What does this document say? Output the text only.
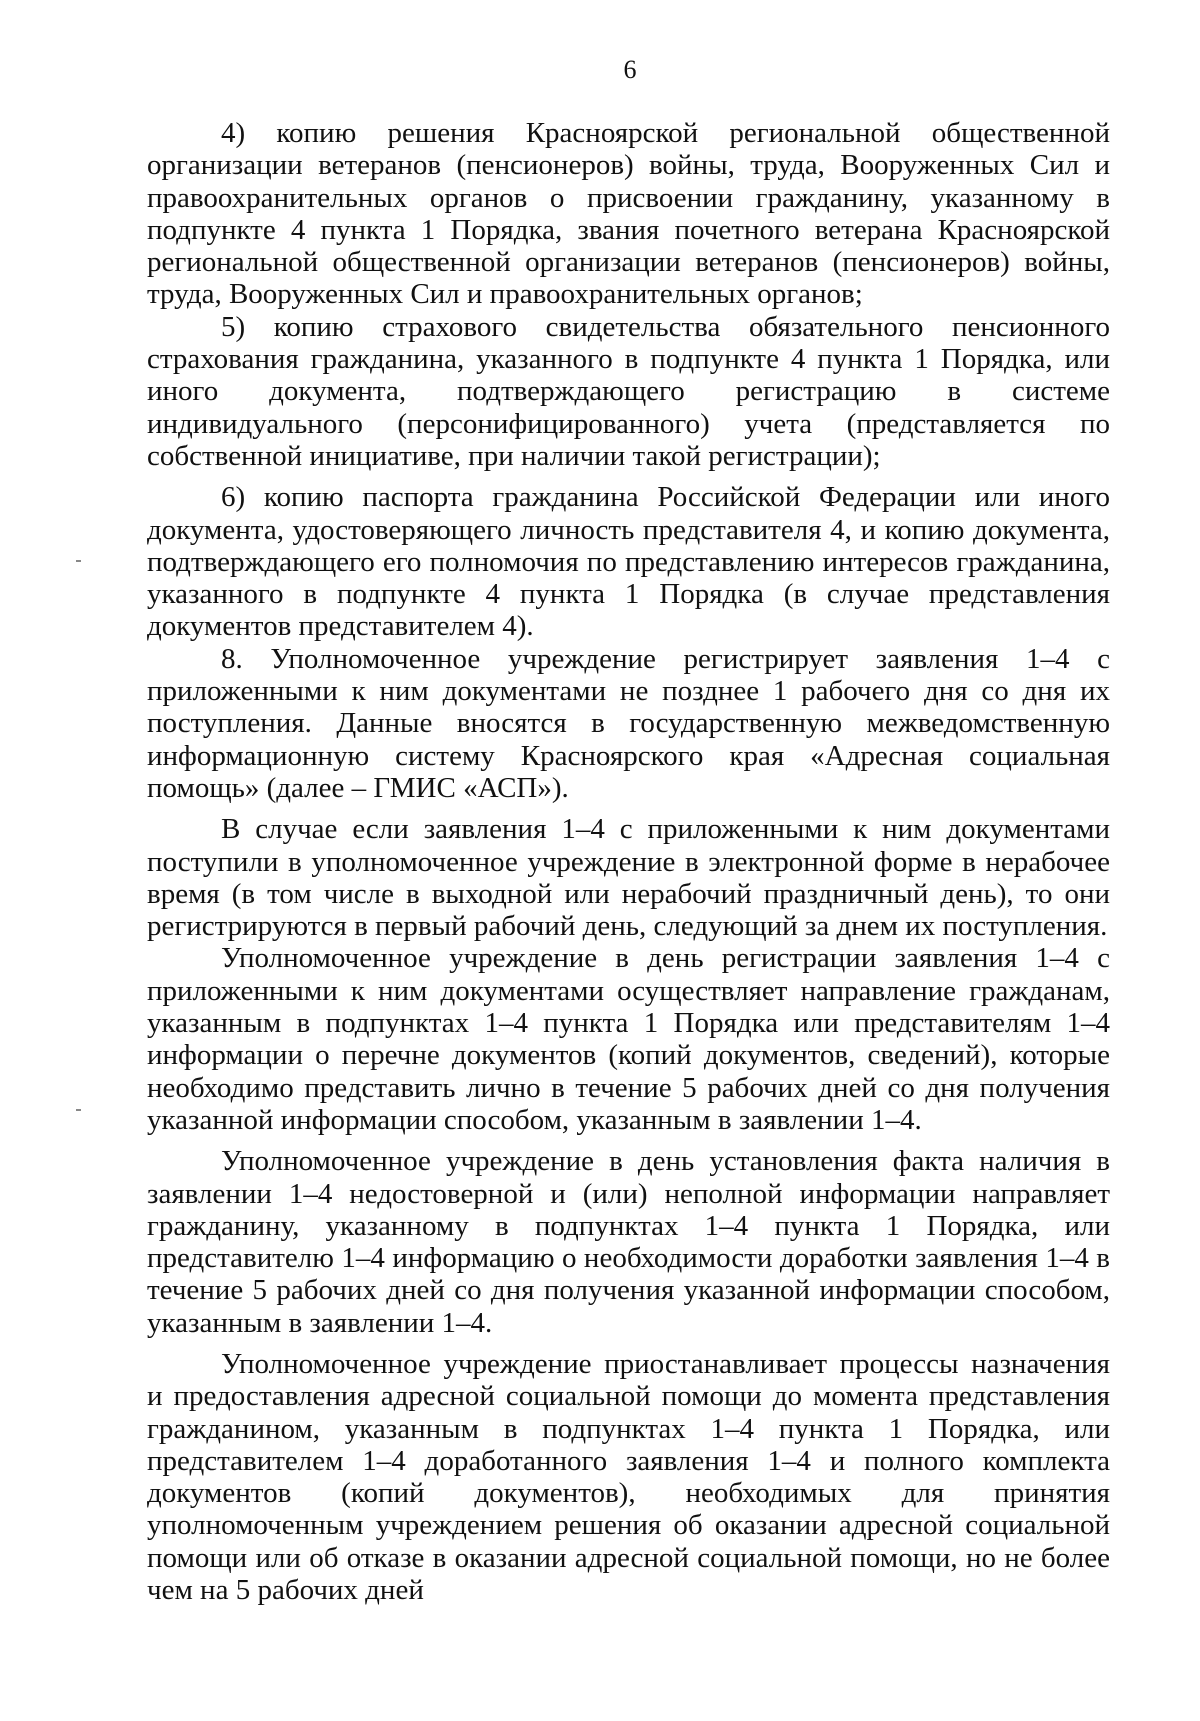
6

4) копию решения Красноярской региональной общественной организации ветеранов (пенсионеров) войны, труда, Вооруженных Сил и правоохранительных органов о присвоении гражданину, указанному в подпункте 4 пункта 1 Порядка, звания почетного ветерана Красноярской региональной общественной организации ветеранов (пенсионеров) войны, труда, Вооруженных Сил и правоохранительных органов;

5) копию страхового свидетельства обязательного пенсионного страхования гражданина, указанного в подпункте 4 пункта 1 Порядка, или иного документа, подтверждающего регистрацию в системе индивидуального (персонифицированного) учета (представляется по собственной инициативе, при наличии такой регистрации);

6) копию паспорта гражданина Российской Федерации или иного документа, удостоверяющего личность представителя 4, и копию документа, подтверждающего его полномочия по представлению интересов гражданина, указанного в подпункте 4 пункта 1 Порядка (в случае представления документов представителем 4).

8. Уполномоченное учреждение регистрирует заявления 1–4 с приложенными к ним документами не позднее 1 рабочего дня со дня их поступления. Данные вносятся в государственную межведомственную информационную систему Красноярского края «Адресная социальная помощь» (далее – ГМИС «АСП»).

В случае если заявления 1–4 с приложенными к ним документами поступили в уполномоченное учреждение в электронной форме в нерабочее время (в том числе в выходной или нерабочий праздничный день), то они регистрируются в первый рабочий день, следующий за днем их поступления.

Уполномоченное учреждение в день регистрации заявления 1–4 с приложенными к ним документами осуществляет направление гражданам, указанным в подпунктах 1–4 пункта 1 Порядка или представителям 1–4 информации о перечне документов (копий документов, сведений), которые необходимо представить лично в течение 5 рабочих дней со дня получения указанной информации способом, указанным в заявлении 1–4.

Уполномоченное учреждение в день установления факта наличия в заявлении 1–4 недостоверной и (или) неполной информации направляет гражданину, указанному в подпунктах 1–4 пункта 1 Порядка, или представителю 1–4 информацию о необходимости доработки заявления 1–4 в течение 5 рабочих дней со дня получения указанной информации способом, указанным в заявлении 1–4.

Уполномоченное учреждение приостанавливает процессы назначения и предоставления адресной социальной помощи до момента представления гражданином, указанным в подпунктах 1–4 пункта 1 Порядка, или представителем 1–4 доработанного заявления 1–4 и полного комплекта документов (копий документов), необходимых для принятия уполномоченным учреждением решения об оказании адресной социальной помощи или об отказе в оказании адресной социальной помощи, но не более чем на 5 рабочих дней
